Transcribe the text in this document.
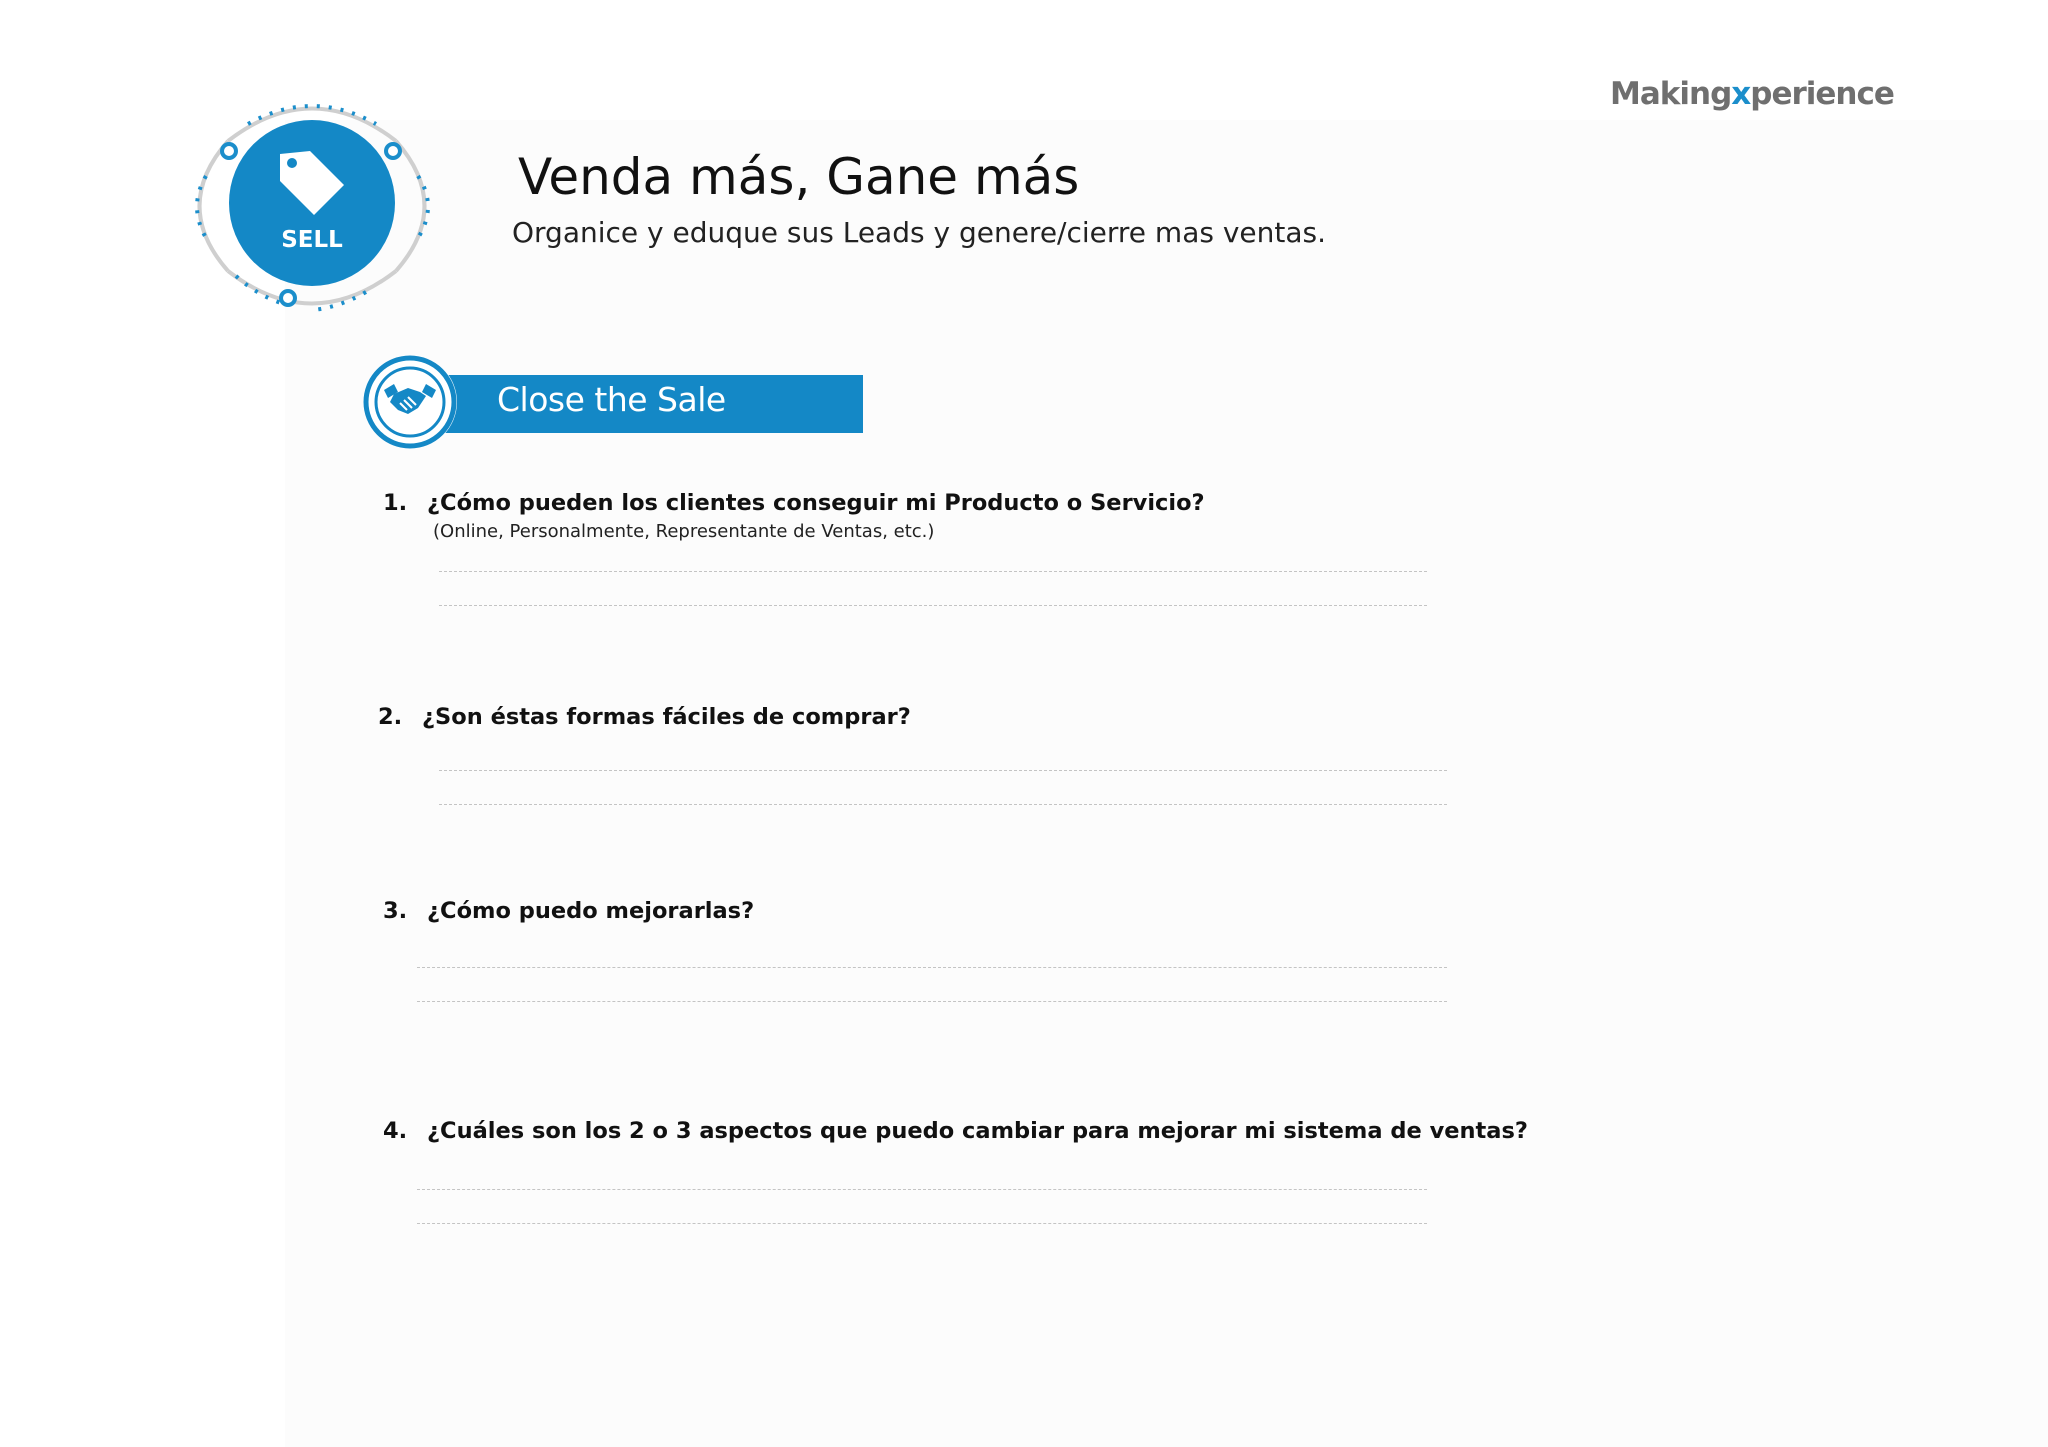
SELL
Makingxperience
Venda más, Gane más

Organice y eduque sus Leads y genere/cierre mas ventas.

Close the Sale
1. ¿Cómo pueden los clientes conseguir mi Producto o Servicio?
(Online, Personalmente, Representante de Ventas, etc.)
2. ¿Son éstas formas fáciles de comprar?
3. ¿Cómo puedo mejorarlas?
4. ¿Cuáles son los 2 o 3 aspectos que puedo cambiar para mejorar mi sistema de ventas?
